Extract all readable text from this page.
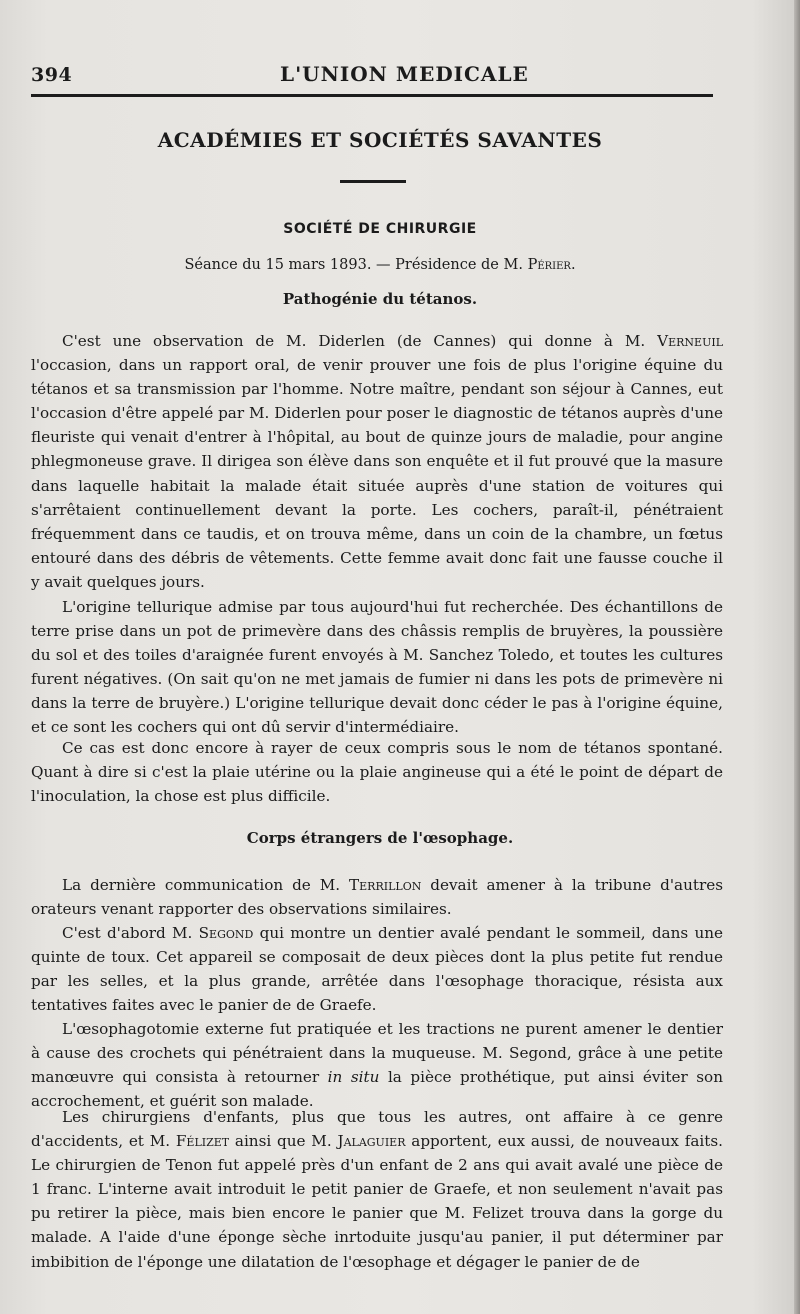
394	L'UNION MEDICALE
ACADÉMIES ET SOCIÉTÉS SAVANTES
SOCIÉTÉ DE CHIRURGIE
Séance du 15 mars 1893. — Présidence de M. Périer.
Pathogénie du tétanos.

C'est une observation de M. Diderlen (de Cannes) qui donne à M. Verneuil l'occasion, dans un rapport oral, de venir prouver une fois de plus l'origine équine du tétanos et sa transmission par l'homme. Notre maître, pendant son séjour à Cannes, eut l'occasion d'être appelé par M. Diderlen pour poser le diagnostic de tétanos auprès d'une fleuriste qui venait d'entrer à l'hôpital, au bout de quinze jours de maladie, pour angine phlegmoneuse grave. Il dirigea son élève dans son enquête et il fut prouvé que la masure dans laquelle habitait la malade était située auprès d'une station de voitures qui s'arrêtaient continuellement devant la porte. Les cochers, paraît-il, pénétraient fréquemment dans ce taudis, et on trouva même, dans un coin de la chambre, un fœtus entouré dans des débris de vêtements. Cette femme avait donc fait une fausse couche il y avait quelques jours.

L'origine tellurique admise par tous aujourd'hui fut recherchée. Des échantillons de terre prise dans un pot de primevère dans des châssis remplis de bruyères, la poussière du sol et des toiles d'araignée furent envoyés à M. Sanchez Toledo, et toutes les cultures furent négatives. (On sait qu'on ne met jamais de fumier ni dans les pots de primevère ni dans la terre de bruyère.) L'origine tellurique devait donc céder le pas à l'origine équine, et ce sont les cochers qui ont dû servir d'intermédiaire.

Ce cas est donc encore à rayer de ceux compris sous le nom de tétanos spontané. Quant à dire si c'est la plaie utérine ou la plaie angineuse qui a été le point de départ de l'inoculation, la chose est plus difficile.

Corps étrangers de l'œsophage.

La dernière communication de M. Terrillon devait amener à la tribune d'autres orateurs venant rapporter des observations similaires.

C'est d'abord M. Segond qui montre un dentier avalé pendant le sommeil, dans une quinte de toux. Cet appareil se composait de deux pièces dont la plus petite fut rendue par les selles, et la plus grande, arrêtée dans l'œsophage thoracique, résista aux tentatives faites avec le panier de de Graefe.

L'œsophagotomie externe fut pratiquée et les tractions ne purent amener le dentier à cause des crochets qui pénétraient dans la muqueuse. M. Segond, grâce à une petite manœuvre qui consista à retourner in situ la pièce prothétique, put ainsi éviter son accrochement, et guérit son malade.

Les chirurgiens d'enfants, plus que tous les autres, ont affaire à ce genre d'accidents, et M. Félizet ainsi que M. Jalaguier apportent, eux aussi, de nouveaux faits. Le chirurgien de Tenon fut appelé près d'un enfant de 2 ans qui avait avalé une pièce de 1 franc. L'interne avait introduit le petit panier de Graefe, et non seulement n'avait pas pu retirer la pièce, mais bien encore le panier que M. Felizet trouva dans la gorge du malade. A l'aide d'une éponge sèche inrtoduite jusqu'au panier, il put déterminer par imbibition de l'éponge une dilatation de l'œsophage et dégager le panier de de
